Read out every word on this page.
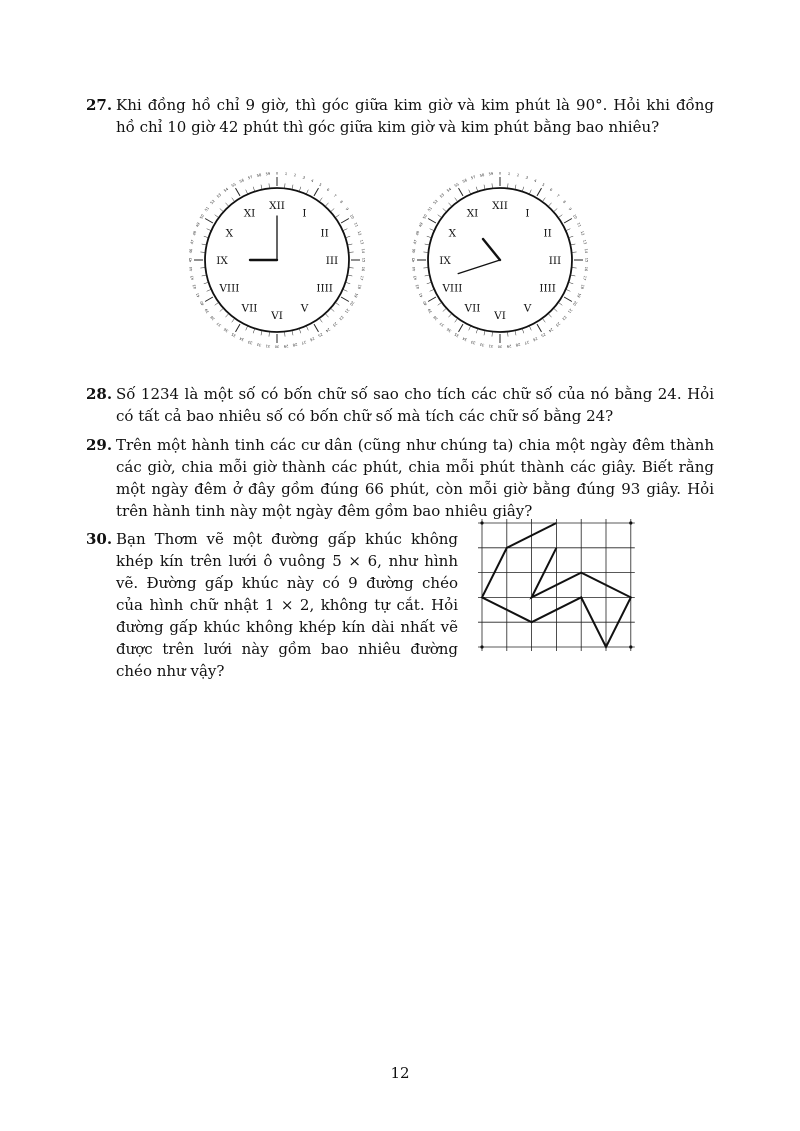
27. Khi đồng hồ chỉ 9 giờ, thì góc giữa kim giờ và kim phút là 90°. Hỏi khi đồng hồ chỉ 10 giờ 42 phút thì góc giữa kim giờ và kim phút bằng bao nhiêu?
0 1 2
3
4
5
6
7
8
9
10
11
12
13
14
15
16
17
18
19
20
21
22
23
24
25
26
27
28
29
30
31
32
33
34
35
36
37
38
39
40
41
42
43
44
45
46
47
48
49
50
51
52
53
54
55
56
57 58 59
XII
I
II
III
IIII
V
VI
VII
VIII
IX
X
XI
0 1 2
3
4
5
6
7
8
9
10
11
12
13
14
15
16
17
18
19
20
21
22
23
24
25
26
27
28
29
30
31
32
33
34
35
36
37
38
39
40
41
42
43
44
45
46
47
48
49
50
51
52
53
54
55
56
57 58 59
XII
I
II
III
IIII
V
VI
VII
VIII
IX
X
XI
28. Số 1234 là một số có bốn chữ số sao cho tích các chữ số của nó bằng 24. Hỏi có tất cả bao nhiêu số có bốn chữ số mà tích các chữ số bằng 24?
29. Trên một hành tinh các cư dân (cũng như chúng ta) chia một ngày đêm thành các giờ, chia mỗi giờ thành các phút, chia mỗi phút thành các giây. Biết rằng một ngày đêm ở đây gồm đúng 66 phút, còn mỗi giờ bằng đúng 93 giây. Hỏi trên hành tinh này một ngày đêm gồm bao nhiêu giây?
30. Bạn Thơm vẽ một đường gấp khúc không khép kín trên lưới ô vuông 5 × 6, như hình vẽ. Đường gấp khúc này có 9 đường chéo của hình chữ nhật 1 × 2, không tự cắt. Hỏi đường gấp khúc không khép kín dài nhất vẽ được trên lưới này gồm bao nhiêu đường chéo như vậy?
12
